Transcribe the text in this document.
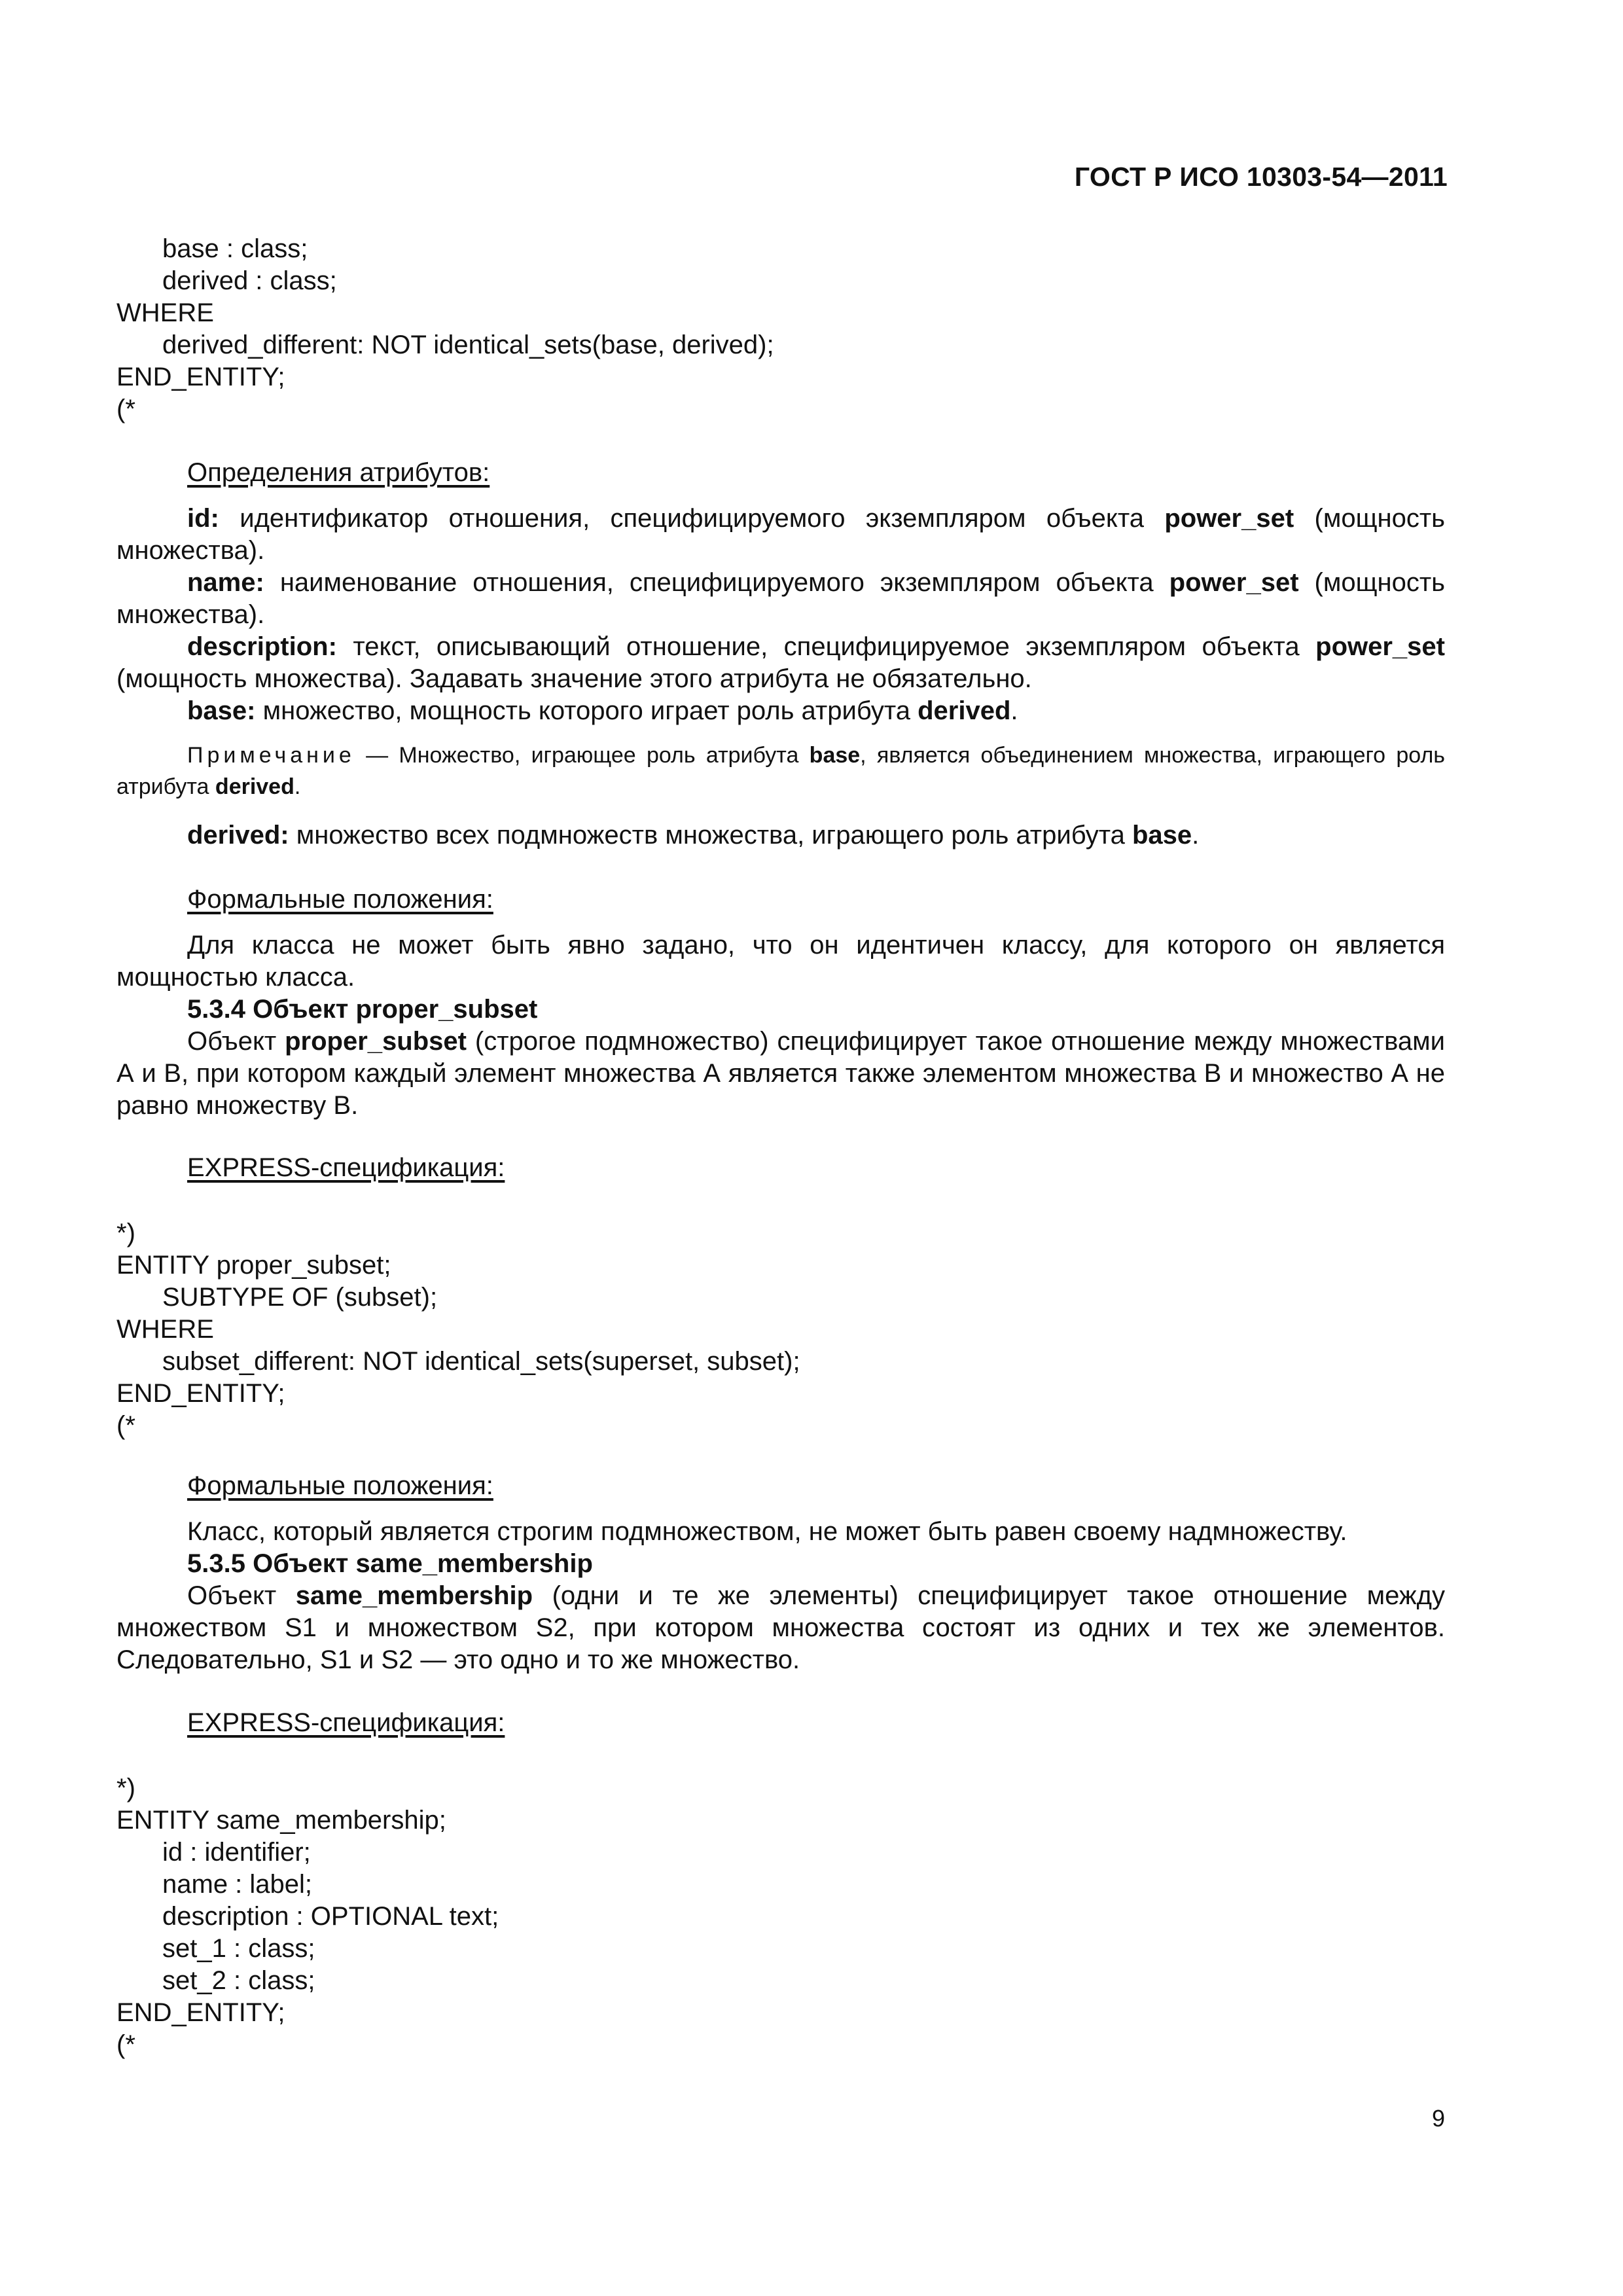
ГОСТ Р ИСО 10303-54—2011
base : class;
derived : class;
WHERE
derived_different: NOT identical_sets(base, derived);
END_ENTITY;
(*
Определения атрибутов:
id: идентификатор отношения, специфицируемого экземпляром объекта power_set (мощность множества).
name: наименование отношения, специфицируемого экземпляром объекта power_set (мощность множества).
description: текст, описывающий отношение, специфицируемое экземпляром объекта power_set (мощность множества). Задавать значение этого атрибута не обязательно.
base: множество, мощность которого играет роль атрибута derived.
Примечание — Множество, играющее роль атрибута base, является объединением множества, играющего роль атрибута derived.
derived: множество всех подмножеств множества, играющего роль атрибута base.
Формальные положения:
Для класса не может быть явно задано, что он идентичен классу, для которого он является мощностью класса.
5.3.4 Объект proper_subset
Объект proper_subset (строгое подмножество) специфицирует такое отношение между множествами А и В, при котором каждый элемент множества А является также элементом множества В и множество А не равно множеству В.
EXPRESS-спецификация:
*)
ENTITY proper_subset;
SUBTYPE OF (subset);
WHERE
subset_different: NOT identical_sets(superset, subset);
END_ENTITY;
(*
Формальные положения:
Класс, который является строгим подмножеством, не может быть равен своему надмножеству.
5.3.5 Объект same_membership
Объект same_membership (одни и те же элементы) специфицирует такое отношение между множеством S1 и множеством S2, при котором множества состоят из одних и тех же элементов. Следовательно, S1 и S2 — это одно и то же множество.
EXPRESS-спецификация:
*)
ENTITY same_membership;
id : identifier;
name : label;
description : OPTIONAL text;
set_1 : class;
set_2 : class;
END_ENTITY;
(*
9
